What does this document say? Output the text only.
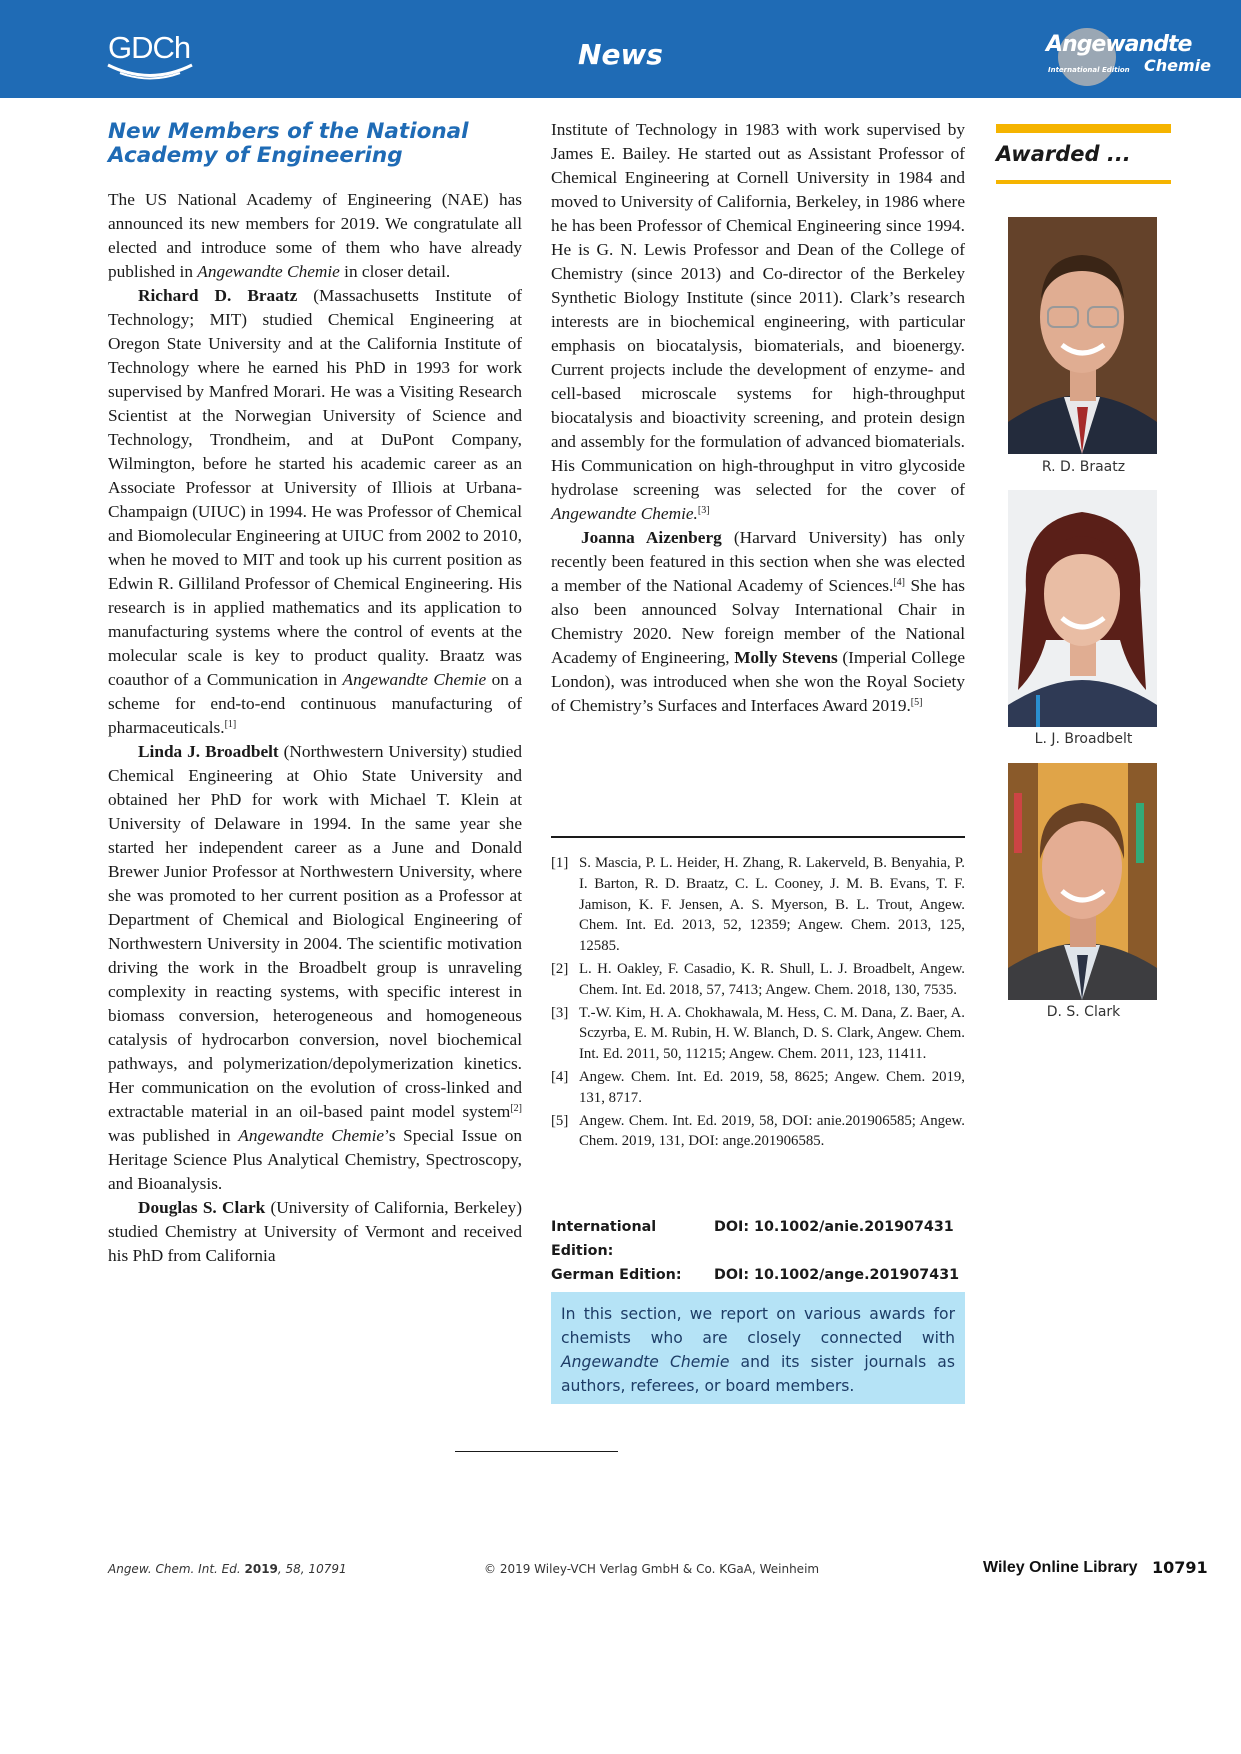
GDCh	News	Angewandte
International Edition Chemie
New Members of the National Academy of Engineering

The US National Academy of Engineering (NAE) has announced its new members for 2019. We congratulate all elected and introduce some of them who have already published in Angewandte Chemie in closer detail.

Richard D. Braatz (Massachusetts Institute of Technology; MIT) studied Chemical Engineering at Oregon State University and at the California Institute of Technology where he earned his PhD in 1993 for work supervised by Manfred Morari. He was a Visiting Research Scientist at the Norwegian University of Science and Technology, Trondheim, and at DuPont Company, Wilmington, before he started his academic career as an Associate Professor at University of Illiois at Urbana-Champaign (UIUC) in 1994. He was Professor of Chemical and Biomolecular Engineering at UIUC from 2002 to 2010, when he moved to MIT and took up his current position as Edwin R. Gilliland Professor of Chemical Engineering. His research is in applied mathematics and its application to manufacturing systems where the control of events at the molecular scale is key to product quality. Braatz was coauthor of a Communication in Angewandte Chemie on a scheme for end-to-end continuous manufacturing of pharmaceuticals.[1]

Linda J. Broadbelt (Northwestern University) studied Chemical Engineering at Ohio State University and obtained her PhD for work with Michael T. Klein at University of Delaware in 1994. In the same year she started her independent career as a June and Donald Brewer Junior Professor at Northwestern University, where she was promoted to her current position as a Professor at Department of Chemical and Biological Engineering of Northwestern University in 2004. The scientific motivation driving the work in the Broadbelt group is unraveling complexity in reacting systems, with specific interest in biomass conversion, heterogeneous and homogeneous catalysis of hydrocarbon conversion, novel biochemical pathways, and polymerization/depolymerization kinetics. Her communication on the evolution of cross-linked and extractable material in an oil-based paint model system[2] was published in Angewandte Chemie’s Special Issue on Heritage Science Plus Analytical Chemistry, Spectroscopy, and Bioanalysis.

Douglas S. Clark (University of California, Berkeley) studied Chemistry at University of Vermont and received his PhD from California

Institute of Technology in 1983 with work supervised by James E. Bailey. He started out as Assistant Professor of Chemical Engineering at Cornell University in 1984 and moved to University of California, Berkeley, in 1986 where he has been Professor of Chemical Engineering since 1994. He is G. N. Lewis Professor and Dean of the College of Chemistry (since 2013) and Co-director of the Berkeley Synthetic Biology Institute (since 2011). Clark’s research interests are in biochemical engineering, with particular emphasis on biocatalysis, biomaterials, and bioenergy. Current projects include the development of enzyme- and cell-based microscale systems for high-throughput biocatalysis and bioactivity screening, and protein design and assembly for the formulation of advanced biomaterials. His Communication on high-throughput in vitro glycoside hydrolase screening was selected for the cover of Angewandte Chemie.[3]

Joanna Aizenberg (Harvard University) has only recently been featured in this section when she was elected a member of the National Academy of Sciences.[4] She has also been announced Solvay International Chair in Chemistry 2020. New foreign member of the National Academy of Engineering, Molly Stevens (Imperial College London), was introduced when she won the Royal Society of Chemistry’s Surfaces and Interfaces Award 2019.[5]

[1] S. Mascia, P. L. Heider, H. Zhang, R. Lakerveld, B. Benyahia, P. I. Barton, R. D. Braatz, C. L. Cooney, J. M. B. Evans, T. F. Jamison, K. F. Jensen, A. S. Myerson, B. L. Trout, Angew. Chem. Int. Ed. 2013, 52, 12359; Angew. Chem. 2013, 125, 12585.
[2] L. H. Oakley, F. Casadio, K. R. Shull, L. J. Broadbelt, Angew. Chem. Int. Ed. 2018, 57, 7413; Angew. Chem. 2018, 130, 7535.
[3] T.-W. Kim, H. A. Chokhawala, M. Hess, C. M. Dana, Z. Baer, A. Sczyrba, E. M. Rubin, H. W. Blanch, D. S. Clark, Angew. Chem. Int. Ed. 2011, 50, 11215; Angew. Chem. 2011, 123, 11411.
[4] Angew. Chem. Int. Ed. 2019, 58, 8625; Angew. Chem. 2019, 131, 8717.
[5] Angew. Chem. Int. Ed. 2019, 58, DOI: anie.201906585; Angew. Chem. 2019, 131, DOI: ange.201906585.
International Edition:
DOI: 10.1002/anie.201907431
German Edition:	DOI: 10.1002/ange.201907431
In this section, we report on various awards for chemists who are closely connected with Angewandte Chemie and its sister journals as authors, referees, or board members.
Awarded ...
R. D. Braatz
L. J. Broadbelt
D. S. Clark
Angew. Chem. Int. Ed. 2019, 58, 10791	© 2019 Wiley-VCH Verlag GmbH & Co. KGaA, Weinheim	Wiley Online Library 10791
